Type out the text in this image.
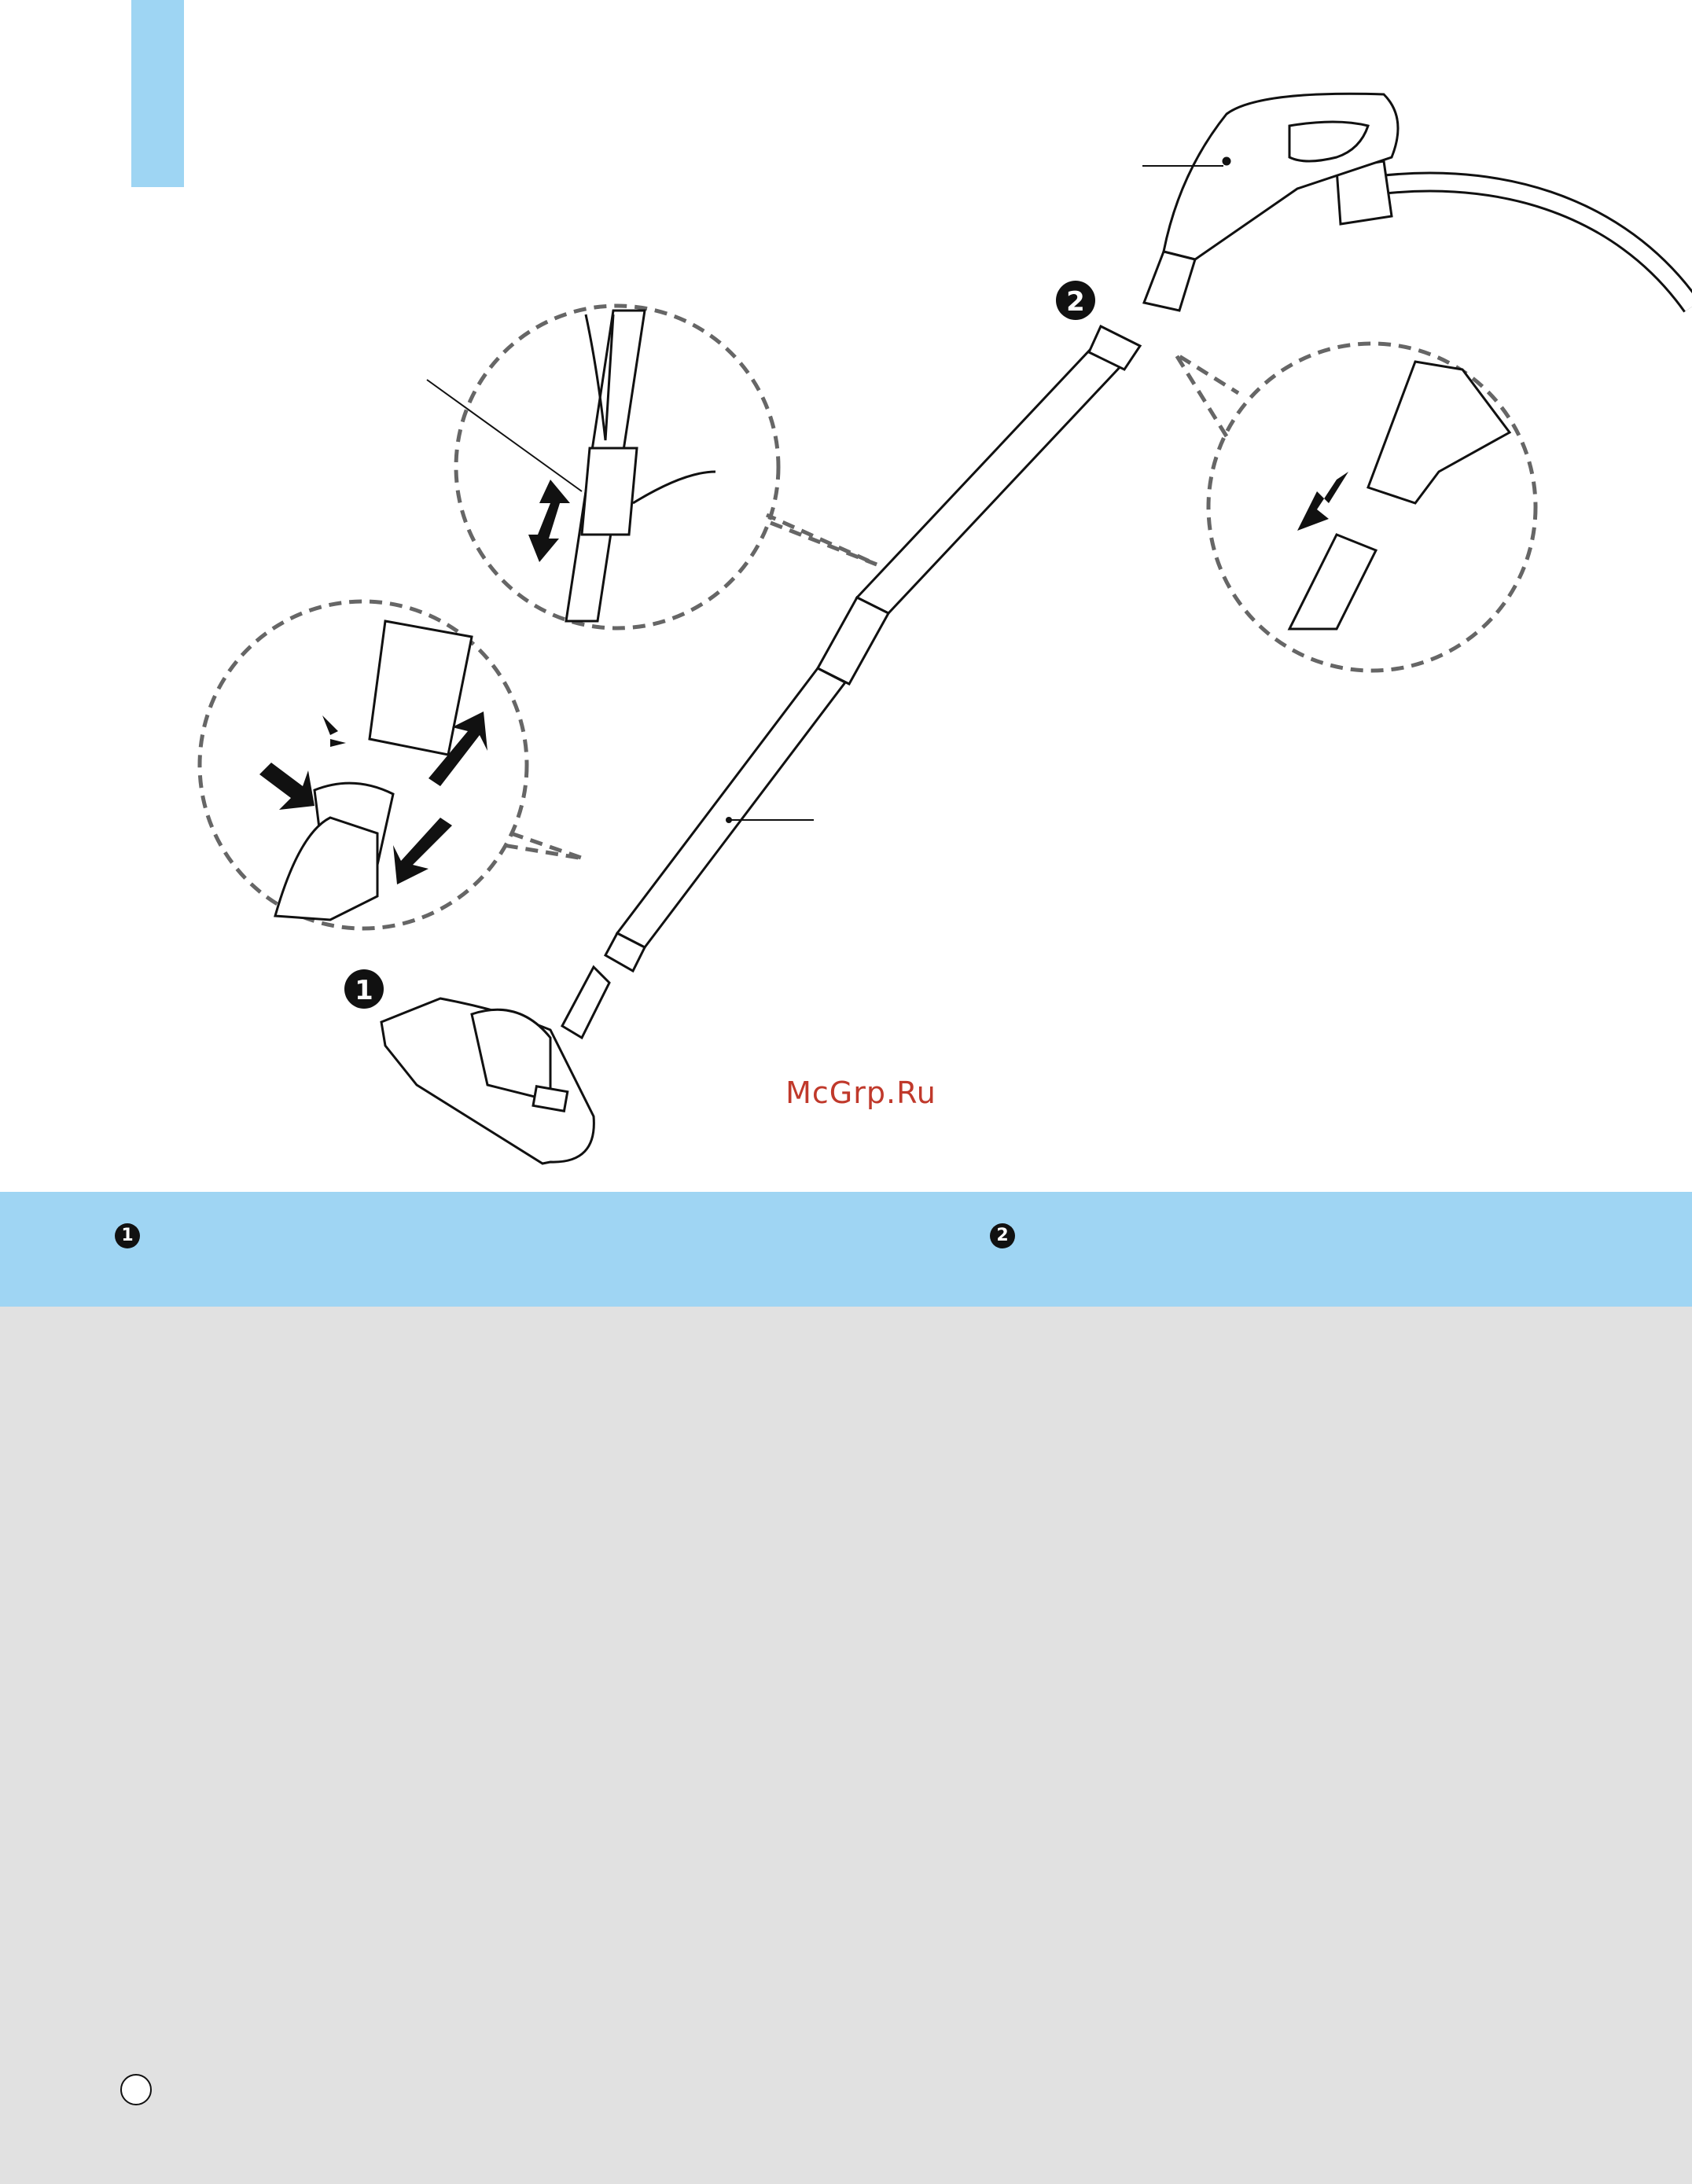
1
2
McGrp.Ru
1	2
